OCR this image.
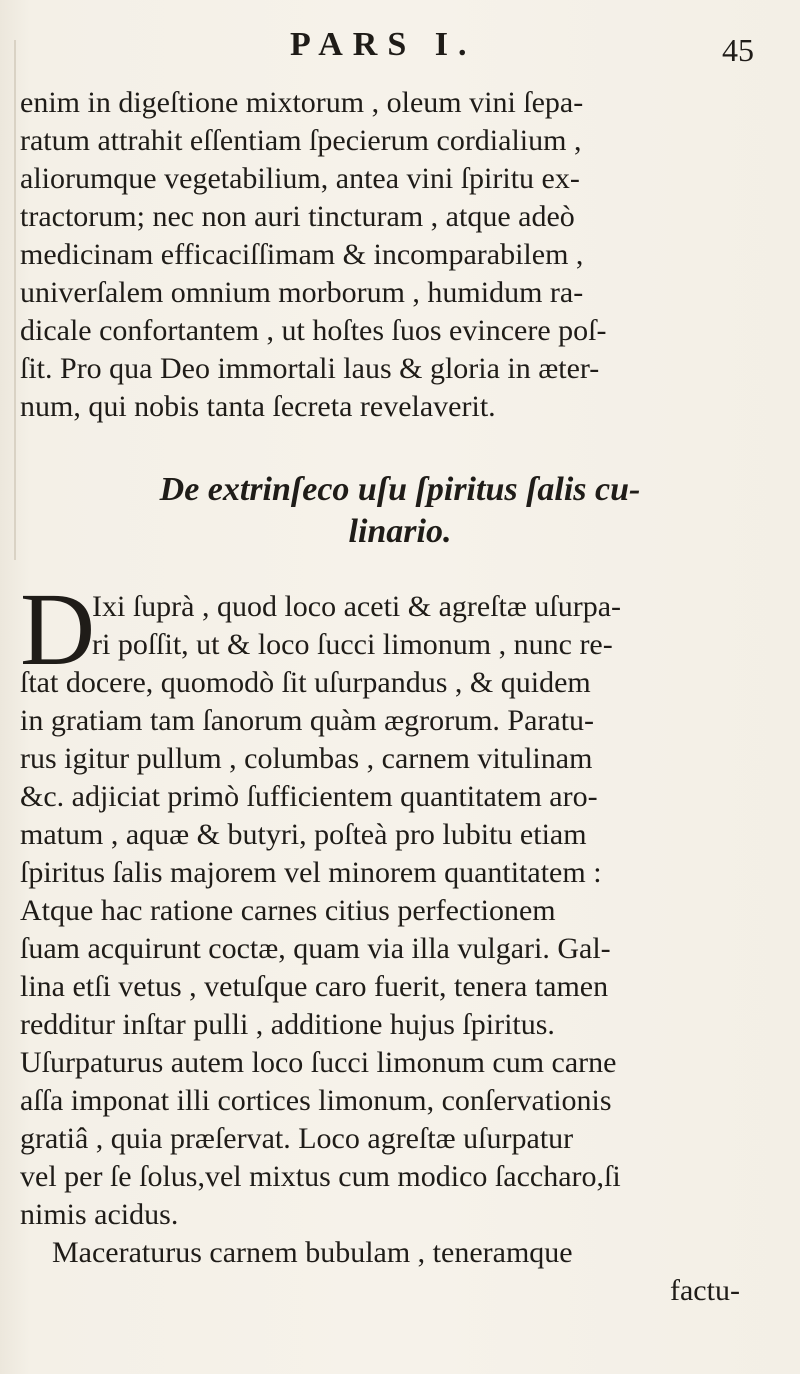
PARS I.	45
enim in digeſtione mixtorum , oleum vini ſepa-
ratum attrahit eſſentiam ſpecierum cordialium ,
aliorumque vegetabilium, antea vini ſpiritu ex-
tractorum; nec non auri tincturam , atque adeò
medicinam efficaciſſimam & incomparabilem ,
univerſalem omnium morborum , humidum ra-
dicale confortantem , ut hoſtes ſuos evincere poſ-
ſit. Pro qua Deo immortali laus & gloria in æter-
num, qui nobis tanta ſecreta revelaverit.
De extrinſeco uſu ſpiritus ſalis cu-
linario.
D
Ixi ſuprà , quod loco aceti & agreſtæ uſurpa-
ri poſſit, ut & loco ſucci limonum , nunc re-
ſtat docere, quomodò ſit uſurpandus , & quidem
in gratiam tam ſanorum quàm ægrorum. Paratu-
rus igitur pullum , columbas , carnem vitulinam
&c. adjiciat primò ſufficientem quantitatem aro-
matum , aquæ & butyri, poſteà pro lubitu etiam
ſpiritus ſalis majorem vel minorem quantitatem :
Atque hac ratione carnes citius perfectionem
ſuam acquirunt coctæ, quam via illa vulgari. Gal-
lina etſi vetus , vetuſque caro fuerit, tenera tamen
redditur inſtar pulli , additione hujus ſpiritus.
Uſurpaturus autem loco ſucci limonum cum carne
aſſa imponat illi cortices limonum, conſervationis
gratiâ , quia præſervat. Loco agreſtæ uſurpatur
vel per ſe ſolus,vel mixtus cum modico ſaccharo,ſi
nimis acidus.
Maceraturus carnem bubulam , teneramque
factu-
